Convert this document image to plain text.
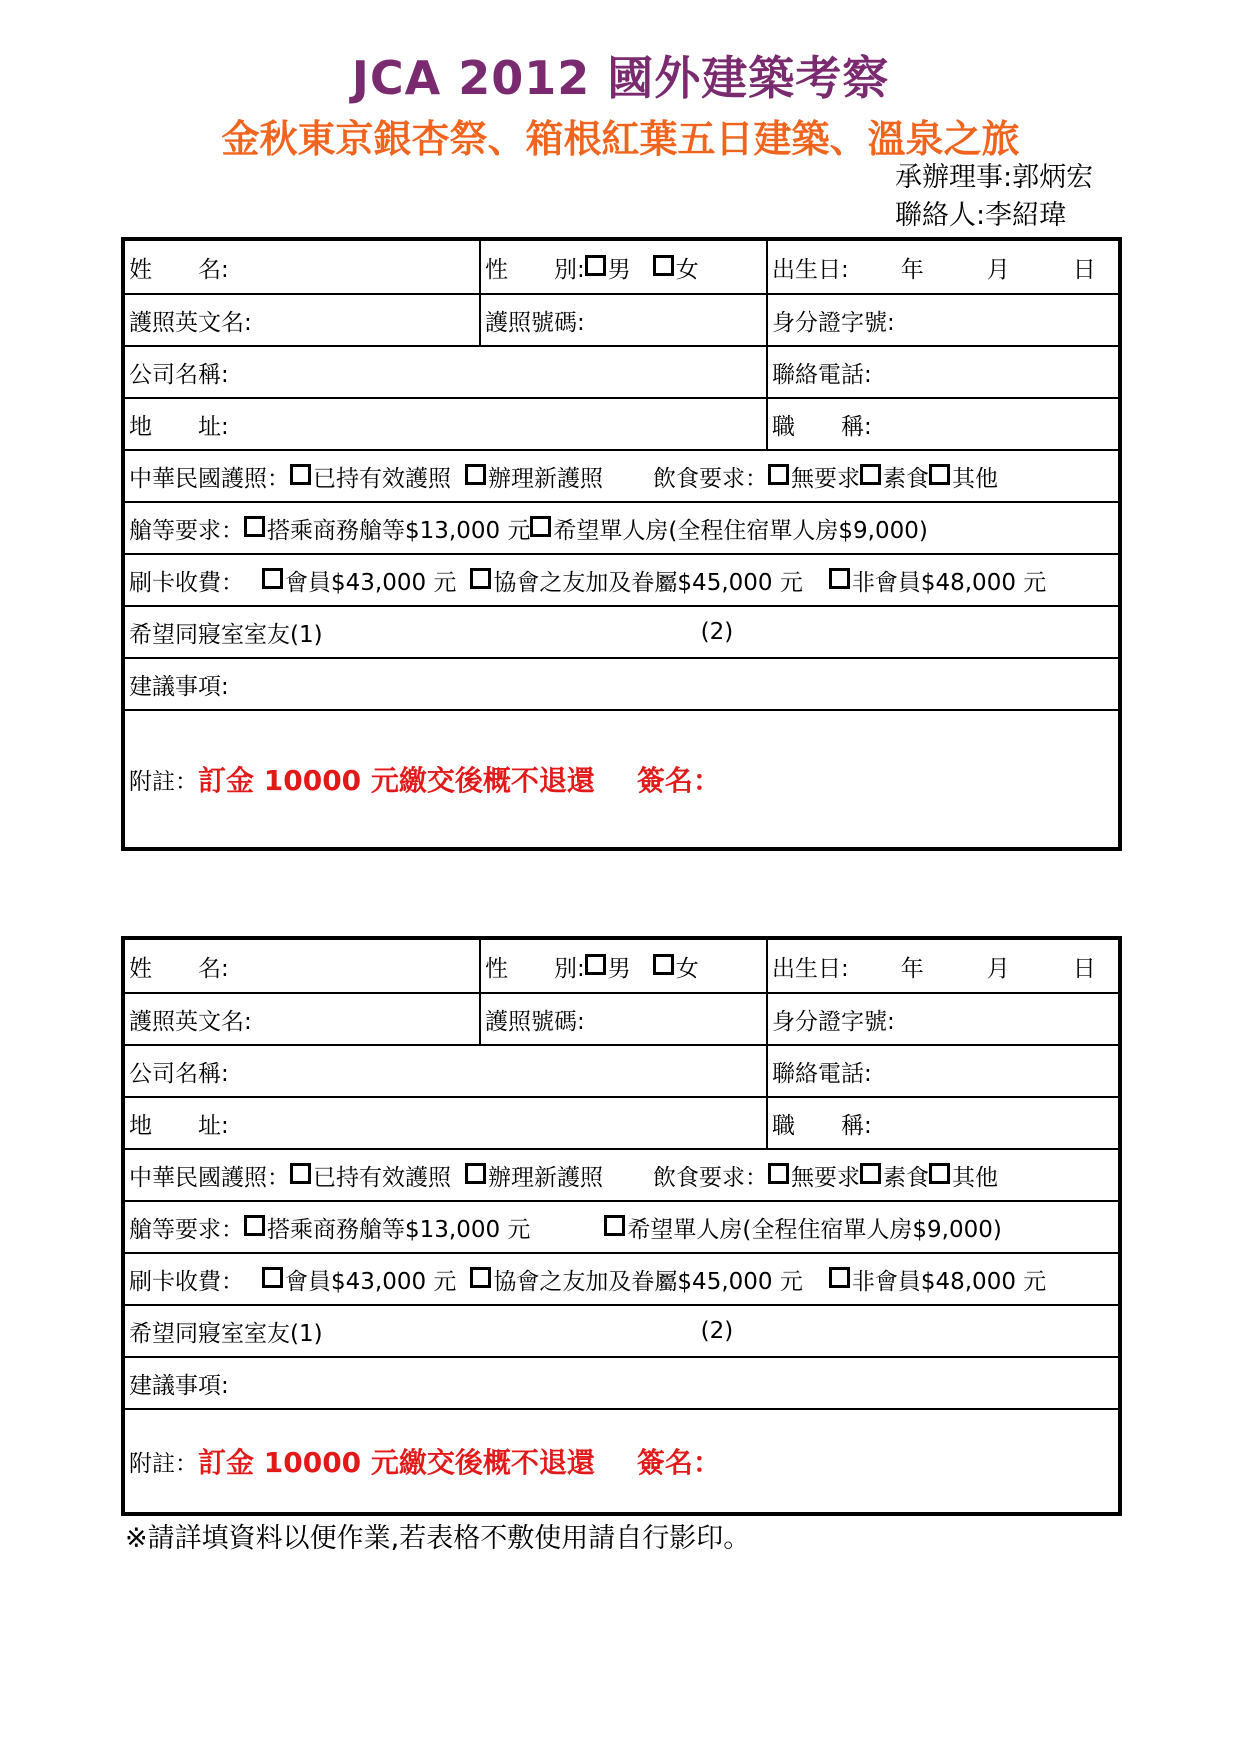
JCA 2012 國外建築考察
金秋東京銀杏祭、箱根紅葉五日建築、溫泉之旅
承辦理事:郭炳宏
聯絡人:李紹瑋
姓　　名:	性　　別: 男 女	出生日: 年	月	日
護照英文名:	護照號碼:	身分證字號:
公司名稱:	聯絡電話:
地　　址:	職　　稱:
中華民國護照： 已持有效護照 辦理新護照 飲食要求： 無要求 素食 其他
艙等要求： 搭乘商務艙等$13,000 元 希望單人房(全程住宿單人房$9,000)
刷卡收費： 會員$43,000 元 協會之友加及眷屬$45,000 元 非會員$48,000 元
希望同寢室室友(1)	(2)
建議事項:
附註： 訂金 10000 元繳交後概不退還 簽名：
姓　　名:	性　　別: 男 女	出生日: 年	月	日
護照英文名:	護照號碼:	身分證字號:
公司名稱:	聯絡電話:
地　　址:	職　　稱:
中華民國護照： 已持有效護照 辦理新護照 飲食要求： 無要求 素食 其他
艙等要求： 搭乘商務艙等$13,000 元	希望單人房(全程住宿單人房$9,000)
刷卡收費： 會員$43,000 元 協會之友加及眷屬$45,000 元 非會員$48,000 元
希望同寢室室友(1)	(2)
建議事項:
附註： 訂金 10000 元繳交後概不退還 簽名：
※請詳填資料以便作業,若表格不敷使用請自行影印。
